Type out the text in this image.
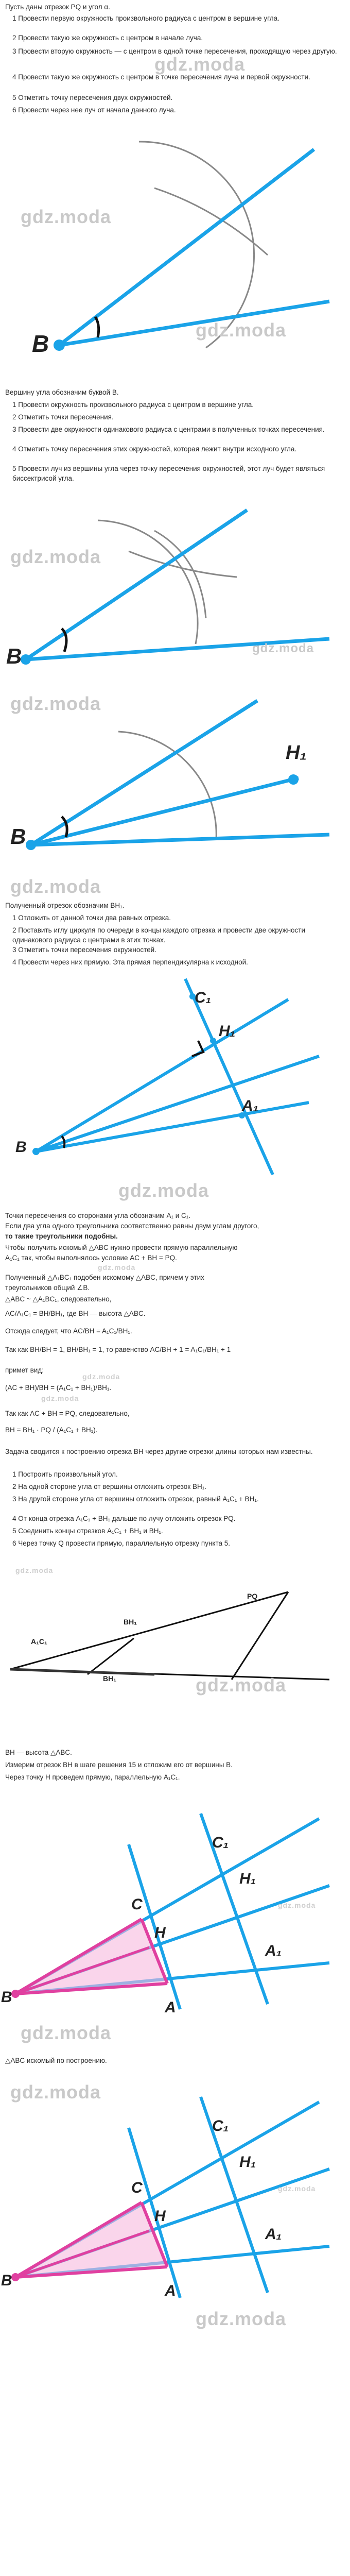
Пусть даны отрезок PQ и угол α.
1 Провести первую окружность произвольного радиуса с центром в вершине угла.
2 Провести такую же окружность с центром в начале луча.
3 Провести вторую окружность — с центром в одной точке пересечения, проходящую через другую.
gdz.moda
4 Провести такую же окружность с центром в точке пересечения луча и первой окружности.
5 Отметить точку пересечения двух окружностей.
6 Провести через нее луч от начала данного луча.
B
gdz.moda
gdz.moda
Вершину угла обозначим буквой B.
1 Провести окружность произвольного радиуса с центром в вершине угла.
2 Отметить точки пересечения.
3 Провести две окружности одинакового радиуса с центрами в полученных точках пересечения.
4 Отметить точку пересечения этих окружностей, которая лежит внутри исходного угла.
5 Провести луч из вершины угла через точку пересечения окружностей, этот луч будет являться биссектрисой угла.
B
gdz.moda
gdz.moda
H₁
B
gdz.moda
gdz.moda
Полученный отрезок обозначим BH₁.
1 Отложить от данной точки два равных отрезка.
2 Поставить иглу циркуля по очереди в концы каждого отрезка и провести две окружности одинакового радиуса с центрами в этих точках.
3 Отметить точки пересечения окружностей.
4 Провести через них прямую. Эта прямая перпендикулярна к исходной.
C₁
H₁
A₁
B
gdz.moda
Точки пересечения со сторонами угла обозначим A₁ и C₁.
Если два угла одного треугольника соответственно равны двум углам другого,
то такие треугольники подобны.
Чтобы получить искомый △ABC нужно провести прямую параллельную
A₁C₁ так, чтобы выполнялось условие AC + BH = PQ.
gdz.moda
Полученный △A₁BC₁ подобен искомому △ABC, причем у этих
треугольников общий ∠B.
△ABC ~ △A₁BC₁, следовательно,
AC/A₁C₁ = BH/BH₁, где BH — высота △ABC.
Отсюда следует, что AC/BH = A₁C₁/BH₁.
Так как BH/BH = 1, BH/BH₁ = 1, то равенство AC/BH + 1 = A₁C₁/BH₁ + 1
примет вид:
gdz.moda
(AC + BH)/BH = (A₁C₁ + BH₁)/BH₁.
gdz.moda
Так как AC + BH = PQ, следовательно,
BH = BH₁ · PQ / (A₁C₁ + BH₁).
Задача сводится к построению отрезка BH через другие отрезки длины которых нам известны.
1 Построить произвольный угол.
2 На одной стороне угла от вершины отложить отрезок BH₁.
3 На другой стороне угла от вершины отложить отрезок, равный A₁C₁ + BH₁.
4 От конца отрезка A₁C₁ + BH₁ дальше по лучу отложить отрезок PQ.
5 Соединить концы отрезков A₁C₁ + BH₁ и BH₁.
6 Через точку Q провести прямую, параллельную отрезку пункта 5.
gdz.moda
PQ
BH₁
A₁C₁
BH₁	gdz.moda
BH — высота △ABC.
Измерим отрезок BH в шаге решения 15 и отложим его от вершины B.
Через точку H проведем прямую, параллельную A₁C₁.
C₁
H₁
A₁
C
H
A
B
gdz.moda
gdz.moda
△ABC искомый по построению.
gdz.moda
C₁
H₁
A₁
C
H
A
B
gdz.moda
gdz.moda
